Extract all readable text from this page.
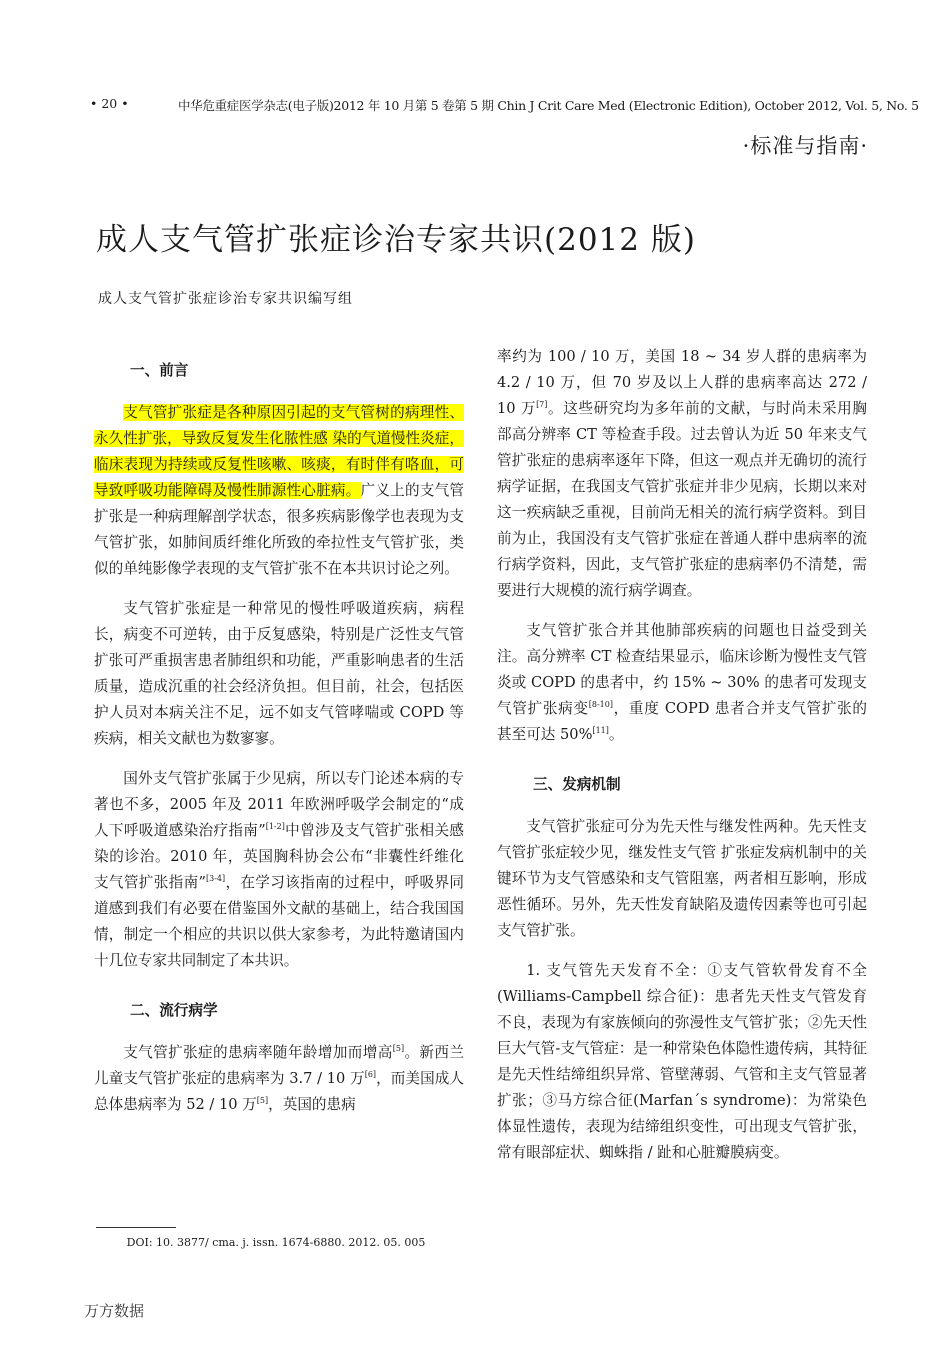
• 20 •	中华危重症医学杂志(电子版)2012 年 10 月第 5 卷第 5 期 Chin J Crit Care Med (Electronic Edition), October 2012, Vol. 5, No. 5
·标准与指南·
成人支气管扩张症诊治专家共识(2012 版)
成人支气管扩张症诊治专家共识编写组
一、前言

支气管扩张症是各种原因引起的支气管树的病理性、永久性扩张，导致反复发生化脓性感 染的气道慢性炎症，临床表现为持续或反复性咳嗽、咳痰，有时伴有咯血，可导致呼吸功能障碍及慢性肺源性心脏病。广义上的支气管扩张是一种病理解剖学状态，很多疾病影像学也表现为支气管扩张，如肺间质纤维化所致的牵拉性支气管扩张，类似的单纯影像学表现的支气管扩张不在本共识讨论之列。

支气管扩张症是一种常见的慢性呼吸道疾病，病程长，病变不可逆转，由于反复感染，特别是广泛性支气管扩张可严重损害患者肺组织和功能，严重影响患者的生活质量，造成沉重的社会经济负担。但目前，社会，包括医护人员对本病关注不足，远不如支气管哮喘或 COPD 等疾病，相关文献也为数寥寥。

国外支气管扩张属于少见病，所以专门论述本病的专著也不多，2005 年及 2011 年欧洲呼吸学会制定的“成人下呼吸道感染治疗指南”[1-2]中曾涉及支气管扩张相关感染的诊治。2010 年，英国胸科协会公布“非囊性纤维化支气管扩张指南”[3-4]，在学习该指南的过程中，呼吸界同道感到我们有必要在借鉴国外文献的基础上，结合我国国情，制定一个相应的共识以供大家参考，为此特邀请国内十几位专家共同制定了本共识。

二、流行病学

支气管扩张症的患病率随年龄增加而增高[5]。新西兰儿童支气管扩张症的患病率为 3.7 / 10 万[6]，而美国成人总体患病率为 52 / 10 万[5]，英国的患病

率约为 100 / 10 万，美国 18 ~ 34 岁人群的患病率为 4.2 / 10 万，但 70 岁及以上人群的患病率高达 272 / 10 万[7]。这些研究均为多年前的文献，与时尚未采用胸部高分辨率 CT 等检查手段。过去曾认为近 50 年来支气管扩张症的患病率逐年下降，但这一观点并无确切的流行病学证据，在我国支气管扩张症并非少见病，长期以来对这一疾病缺乏重视，目前尚无相关的流行病学资料。到目前为止，我国没有支气管扩张症在普通人群中患病率的流行病学资料，因此，支气管扩张症的患病率仍不清楚，需要进行大规模的流行病学调查。

支气管扩张合并其他肺部疾病的问题也日益受到关注。高分辨率 CT 检查结果显示，临床诊断为慢性支气管炎或 COPD 的患者中，约 15% ~ 30% 的患者可发现支气管扩张病变[8-10]，重度 COPD 患者合并支气管扩张的甚至可达 50%[11]。

三、发病机制

支气管扩张症可分为先天性与继发性两种。先天性支气管扩张症较少见，继发性支气管 扩张症发病机制中的关键环节为支气管感染和支气管阻塞，两者相互影响，形成恶性循环。另外，先天性发育缺陷及遗传因素等也可引起支气管扩张。

1. 支气管先天发育不全：①支气管软骨发育不全(Williams-Campbell 综合征)：患者先天性支气管发育不良，表现为有家族倾向的弥漫性支气管扩张；②先天性巨大气管-支气管症：是一种常染色体隐性遗传病，其特征是先天性结缔组织异常、管壁薄弱、气管和主支气管显著扩张；③马方综合征(Marfan´s syndrome)：为常染色体显性遗传，表现为结缔组织变性，可出现支气管扩张，常有眼部症状、蜘蛛指 / 趾和心脏瓣膜病变。

DOI: 10. 3877/ cma. j. issn. 1674-6880. 2012. 05. 005
万方数据
